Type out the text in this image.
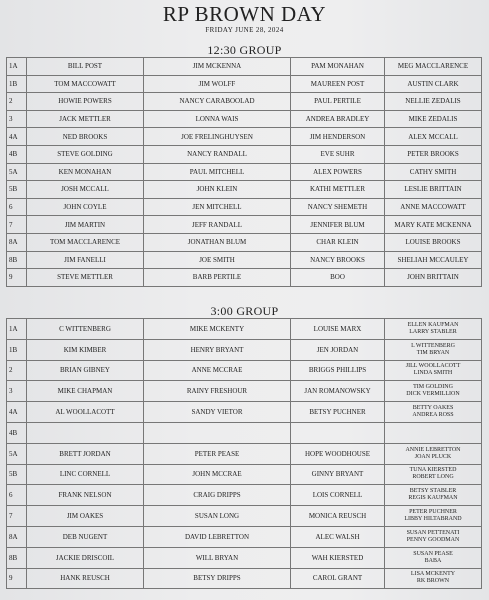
RP BROWN DAY
FRIDAY JUNE 28, 2024
12:30 GROUP
1A	BILL POST	JIM MCKENNA	PAM MONAHAN	MEG MACCLARENCE
1B	TOM MACCOWATT	JIM WOLFF	MAUREEN POST	AUSTIN CLARK
2	HOWIE POWERS	NANCY CARABOOLAD	PAUL PERTILE	NELLIE ZEDALIS
3	JACK METTLER	LONNA WAIS	ANDREA BRADLEY	MIKE ZEDALIS
4A	NED BROOKS	JOE FRELINGHUYSEN	JIM HENDERSON	ALEX MCCALL
4B	STEVE GOLDING	NANCY RANDALL	EVE SUHR	PETER BROOKS
5A	KEN MONAHAN	PAUL MITCHELL	ALEX POWERS	CATHY SMITH
5B	JOSH MCCALL	JOHN KLEIN	KATHI METTLER	LESLIE BRITTAIN
6	JOHN COYLE	JEN MITCHELL	NANCY SHEMETH	ANNE MACCOWATT
7	JIM MARTIN	JEFF RANDALL	JENNIFER BLUM	MARY KATE MCKENNA
8A	TOM MACCLARENCE	JONATHAN BLUM	CHAR KLEIN	LOUISE BROOKS
8B	JIM FANELLI	JOE SMITH	NANCY BROOKS	SHELIAH MCCAULEY
9	STEVE METTLER	BARB PERTILE	BOO	JOHN BRITTAIN
3:00 GROUP
1A	C WITTENBERG	MIKE MCKENTY	LOUISE MARX	ELLEN KAUFMAN
LARRY STABLER

1B	KIM KIMBER	HENRY BRYANT	JEN JORDAN	L WITTENBERG
TIM BRYAN

2	BRIAN GIBNEY	ANNE MCCRAE	BRIGGS PHILLIPS	JILL WOOLLACOTT
LINDA SMITH

3	MIKE CHAPMAN	RAINY FRESHOUR	JAN ROMANOWSKY	TIM GOLDING
DICK VERMILLION

4A	AL WOOLLACOTT	SANDY VIETOR	BETSY PUCHNER	BETTY OAKES
ANDREA ROSS

4B				

5A	BRETT JORDAN	PETER PEASE	HOPE WOODHOUSE	ANNIE LEBRETTON
JOAN PLUCK

5B	LINC CORNELL	JOHN MCCRAE	GINNY BRYANT	TUNA KIERSTED
ROBERT LONG

6	FRANK NELSON	CRAIG DRIPPS	LOIS CORNELL	BETSY STABLER
REGIS KAUFMAN

7	JIM OAKES	SUSAN LONG	MONICA REUSCH	PETER PUCHNER
LIBBY HILTABRAND

8A	DEB NUGENT	DAVID LEBRETTON	ALEC WALSH	SUSAN PETTENATI
PENNY GOODMAN

8B	JACKIE DRISCOIL	WILL BRYAN	WAH KIERSTED	SUSAN PEASE
BABA

9	HANK REUSCH	BETSY DRIPPS	CAROL GRANT	LISA MCKENTY
RK BROWN
